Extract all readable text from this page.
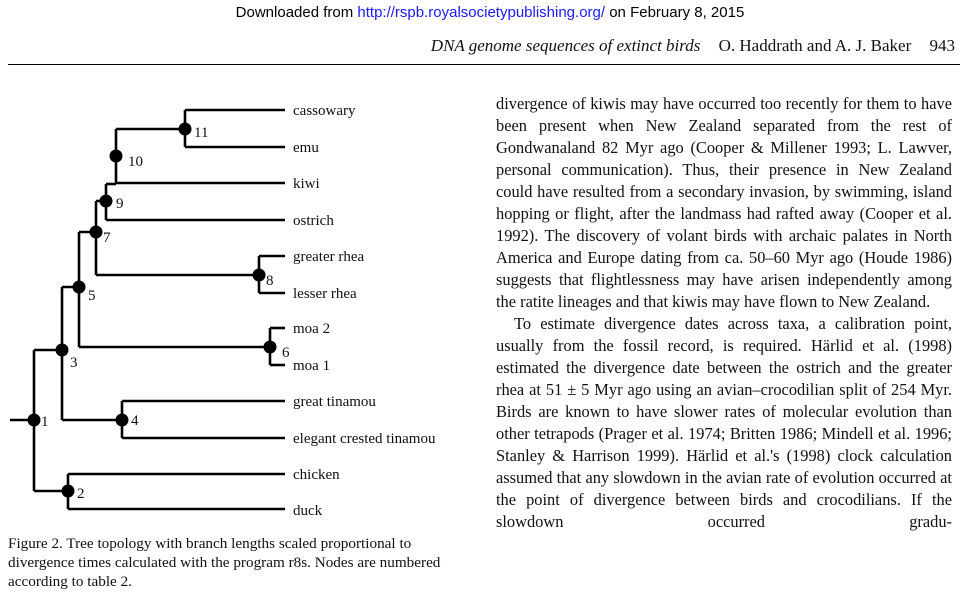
Downloaded from http://rspb.royalsocietypublishing.org/ on February 8, 2015
DNA genome sequences of extinct birds O. Haddrath and A. J. Baker 943
1
2
3
4
5
6
7
8
9
10
11
cassowary
emu
kiwi
ostrich
greater rhea
lesser rhea
moa 2
moa 1
great tinamou
elegant crested tinamou
chicken
duck
Figure 2. Tree topology with branch lengths scaled proportional to divergence times calculated with the program r8s. Nodes are numbered according to table 2.

divergence of kiwis may have occurred too recently for them to have been present when New Zealand separated from the rest of Gondwanaland 82 Myr ago (Cooper & Millener 1993; L. Lawver, personal communication). Thus, their presence in New Zealand could have resulted from a secondary invasion, by swimming, island hopping or flight, after the landmass had rafted away (Cooper et al. 1992). The discovery of volant birds with archaic palates in North America and Europe dating from ca. 50–60 Myr ago (Houde 1986) suggests that flightlessness may have arisen independently among the ratite lineages and that kiwis may have flown to New Zealand.

To estimate divergence dates across taxa, a calibration point, usually from the fossil record, is required. Härlid et al. (1998) estimated the divergence date between the ostrich and the greater rhea at 51 ± 5 Myr ago using an avian–crocodilian split of 254 Myr. Birds are known to have slower rates of molecular evolution than other tetrapods (Prager et al. 1974; Britten 1986; Mindell et al. 1996; Stanley & Harrison 1999). Härlid et al.'s (1998) clock calculation assumed that any slowdown in the avian rate of evolution occurred at the point of divergence between birds and crocodilians. If the slowdown occurred gradu-
